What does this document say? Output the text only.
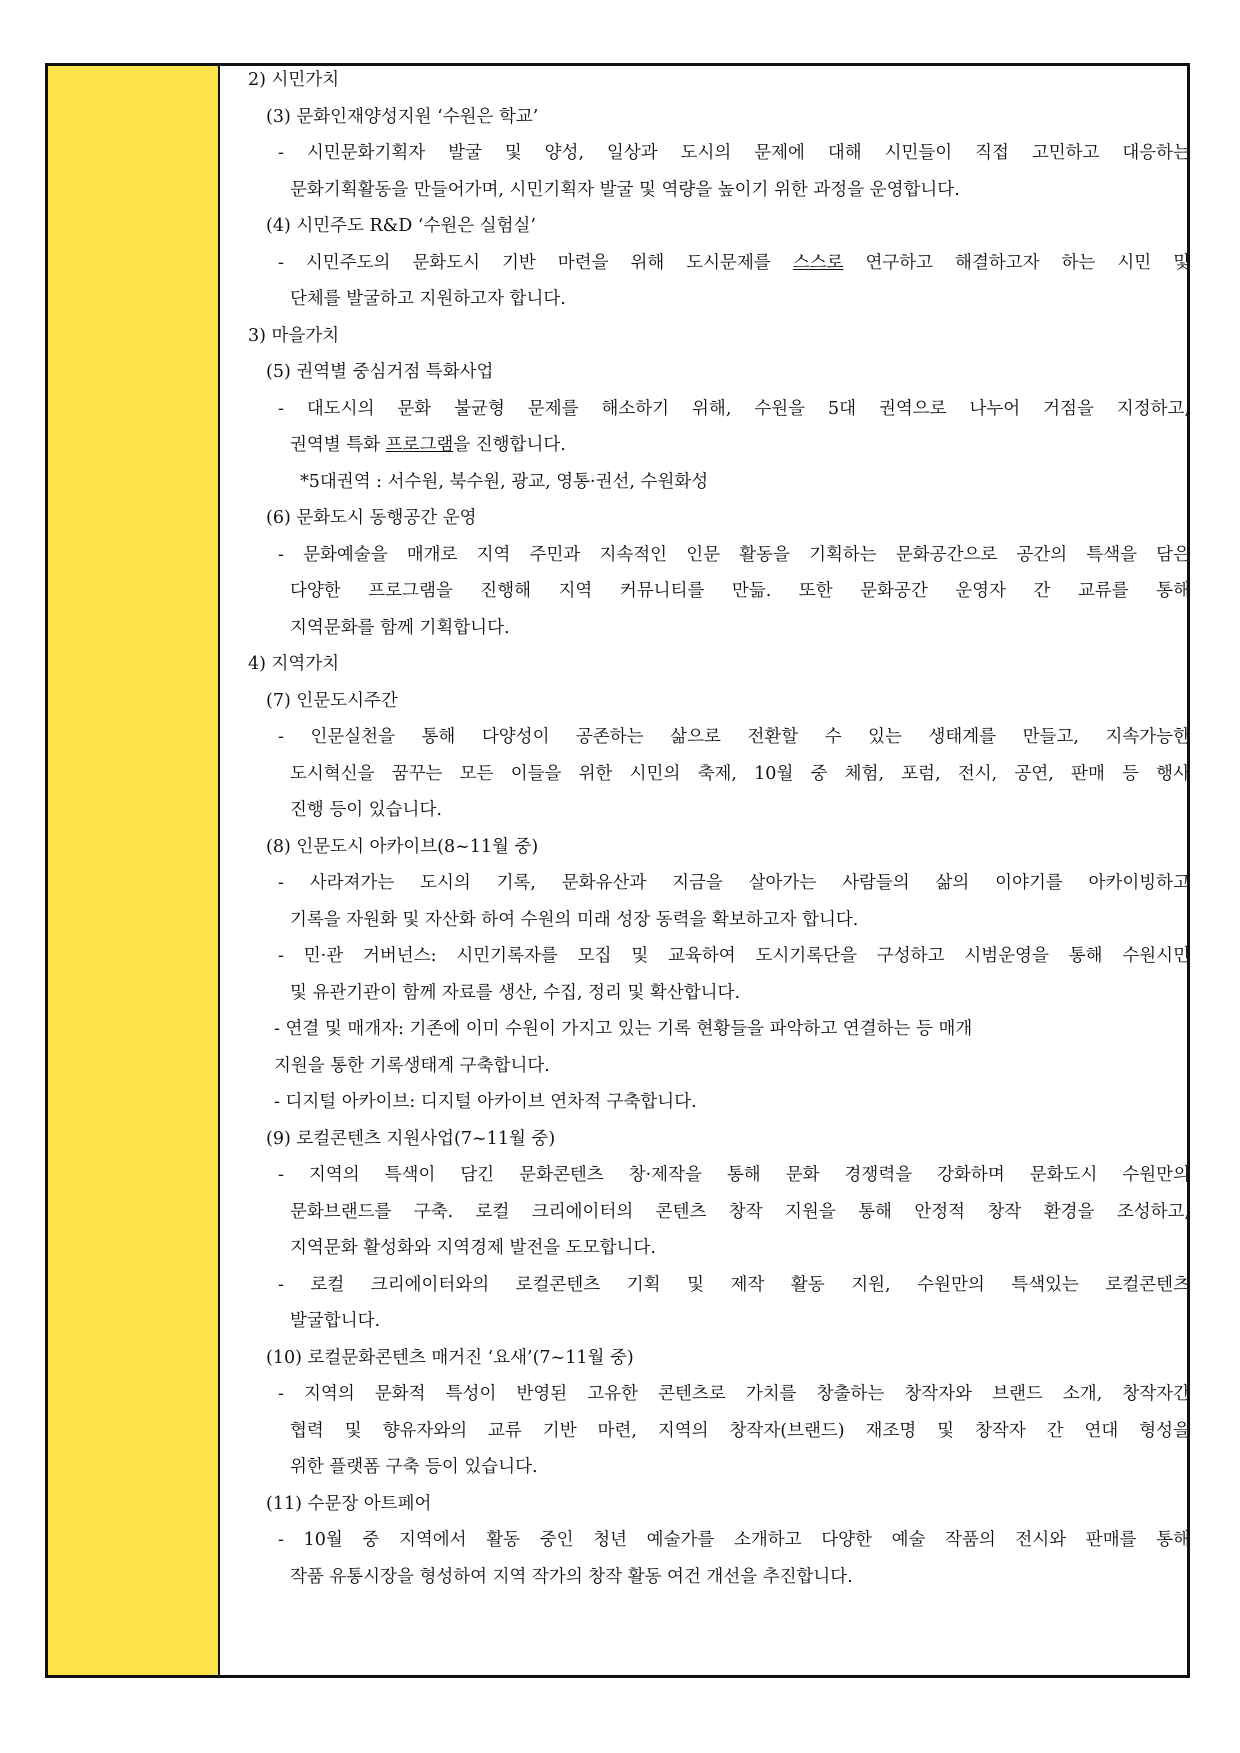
2) 시민가치
(3) 문화인재양성지원 ‘수원은 학교’
- 시민문화기획자 발굴 및 양성, 일상과 도시의 문제에 대해 시민들이 직접 고민하고 대응하는
문화기획활동을 만들어가며, 시민기획자 발굴 및 역량을 높이기 위한 과정을 운영합니다.
(4) 시민주도 R&D ‘수원은 실험실’
- 시민주도의 문화도시 기반 마련을 위해 도시문제를 스스로 연구하고 해결하고자 하는 시민 및
단체를 발굴하고 지원하고자 합니다.
3) 마을가치
(5) 권역별 중심거점 특화사업
- 대도시의 문화 불균형 문제를 해소하기 위해, 수원을 5대 권역으로 나누어 거점을 지정하고,
권역별 특화 프로그램을 진행합니다.
*5대권역 : 서수원, 북수원, 광교, 영통·권선, 수원화성
(6) 문화도시 동행공간 운영
- 문화예술을 매개로 지역 주민과 지속적인 인문 활동을 기획하는 문화공간으로 공간의 특색을 담은
다양한 프로그램을 진행해 지역 커뮤니티를 만듦. 또한 문화공간 운영자 간 교류를 통해
지역문화를 함께 기획합니다.
4) 지역가치
(7) 인문도시주간
- 인문실천을 통해 다양성이 공존하는 삶으로 전환할 수 있는 생태계를 만들고, 지속가능한
도시혁신을 꿈꾸는 모든 이들을 위한 시민의 축제, 10월 중 체험, 포럼, 전시, 공연, 판매 등 행사
진행 등이 있습니다.
(8) 인문도시 아카이브(8~11월 중)
- 사라져가는 도시의 기록, 문화유산과 지금을 살아가는 사람들의 삶의 이야기를 아카이빙하고
기록을 자원화 및 자산화 하여 수원의 미래 성장 동력을 확보하고자 합니다.
- 민·관 거버넌스: 시민기록자를 모집 및 교육하여 도시기록단을 구성하고 시범운영을 통해 수원시민
및 유관기관이 함께 자료를 생산, 수집, 정리 및 확산합니다.
- 연결 및 매개자: 기존에 이미 수원이 가지고 있는 기록 현황들을 파악하고 연결하는 등 매개
지원을 통한 기록생태계 구축합니다.
- 디지털 아카이브: 디지털 아카이브 연차적 구축합니다.
(9) 로컬콘텐츠 지원사업(7~11월 중)
- 지역의 특색이 담긴 문화콘텐츠 창·제작을 통해 문화 경쟁력을 강화하며 문화도시 수원만의
문화브랜드를 구축. 로컬 크리에이터의 콘텐츠 창작 지원을 통해 안정적 창작 환경을 조성하고,
지역문화 활성화와 지역경제 발전을 도모합니다.
- 로컬 크리에이터와의 로컬콘텐츠 기획 및 제작 활동 지원, 수원만의 특색있는 로컬콘텐츠
발굴합니다.
(10) 로컬문화콘텐츠 매거진 ‘요새’(7~11월 중)
- 지역의 문화적 특성이 반영된 고유한 콘텐츠로 가치를 창출하는 창작자와 브랜드 소개, 창작자간
협력 및 향유자와의 교류 기반 마련, 지역의 창작자(브랜드) 재조명 및 창작자 간 연대 형성을
위한 플랫폼 구축 등이 있습니다.
(11) 수문장 아트페어
- 10월 중 지역에서 활동 중인 청년 예술가를 소개하고 다양한 예술 작품의 전시와 판매를 통해
작품 유통시장을 형성하여 지역 작가의 창작 활동 여건 개선을 추진합니다.
